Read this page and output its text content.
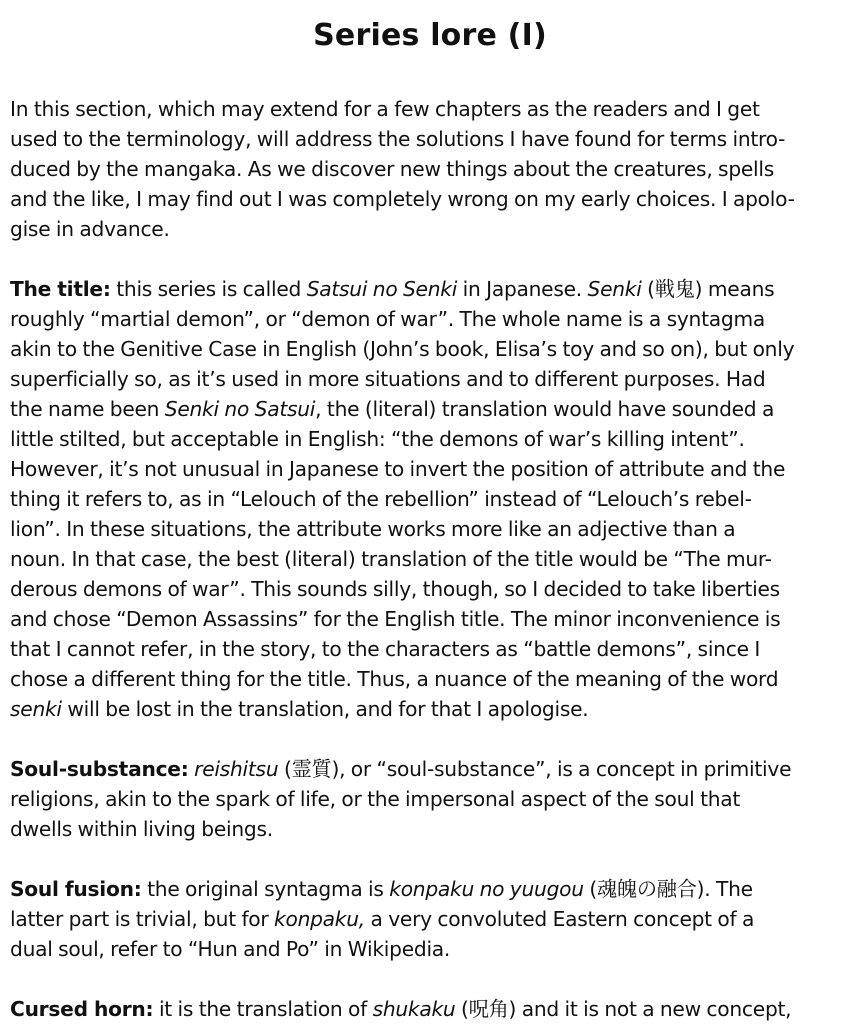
Series lore (I)

In this section, which may extend for a few chapters as the readers and I get
used to the terminology, will address the solutions I have found for terms intro-
duced by the mangaka. As we discover new things about the creatures, spells
and the like, I may find out I was completely wrong on my early choices. I apolo-
gise in advance.

The title: this series is called Satsui no Senki in Japanese. Senki (戦鬼) means
roughly “martial demon”, or “demon of war”. The whole name is a syntagma
akin to the Genitive Case in English (John’s book, Elisa’s toy and so on), but only
superficially so, as it’s used in more situations and to different purposes. Had
the name been Senki no Satsui, the (literal) translation would have sounded a
little stilted, but acceptable in English: “the demons of war’s killing intent”.
However, it’s not unusual in Japanese to invert the position of attribute and the
thing it refers to, as in “Lelouch of the rebellion” instead of “Lelouch’s rebel-
lion”. In these situations, the attribute works more like an adjective than a
noun. In that case, the best (literal) translation of the title would be “The mur-
derous demons of war”. This sounds silly, though, so I decided to take liberties
and chose “Demon Assassins” for the English title. The minor inconvenience is
that I cannot refer, in the story, to the characters as “battle demons”, since I
chose a different thing for the title. Thus, a nuance of the meaning of the word
senki will be lost in the translation, and for that I apologise.

Soul-substance: reishitsu (霊質), or “soul-substance”, is a concept in primitive
religions, akin to the spark of life, or the impersonal aspect of the soul that
dwells within living beings.

Soul fusion: the original syntagma is konpaku no yuugou (魂魄の融合). The
latter part is trivial, but for konpaku, a very convoluted Eastern concept of a
dual soul, refer to “Hun and Po” in Wikipedia.

Cursed horn: it is the translation of shukaku (呪角) and it is not a new concept,
